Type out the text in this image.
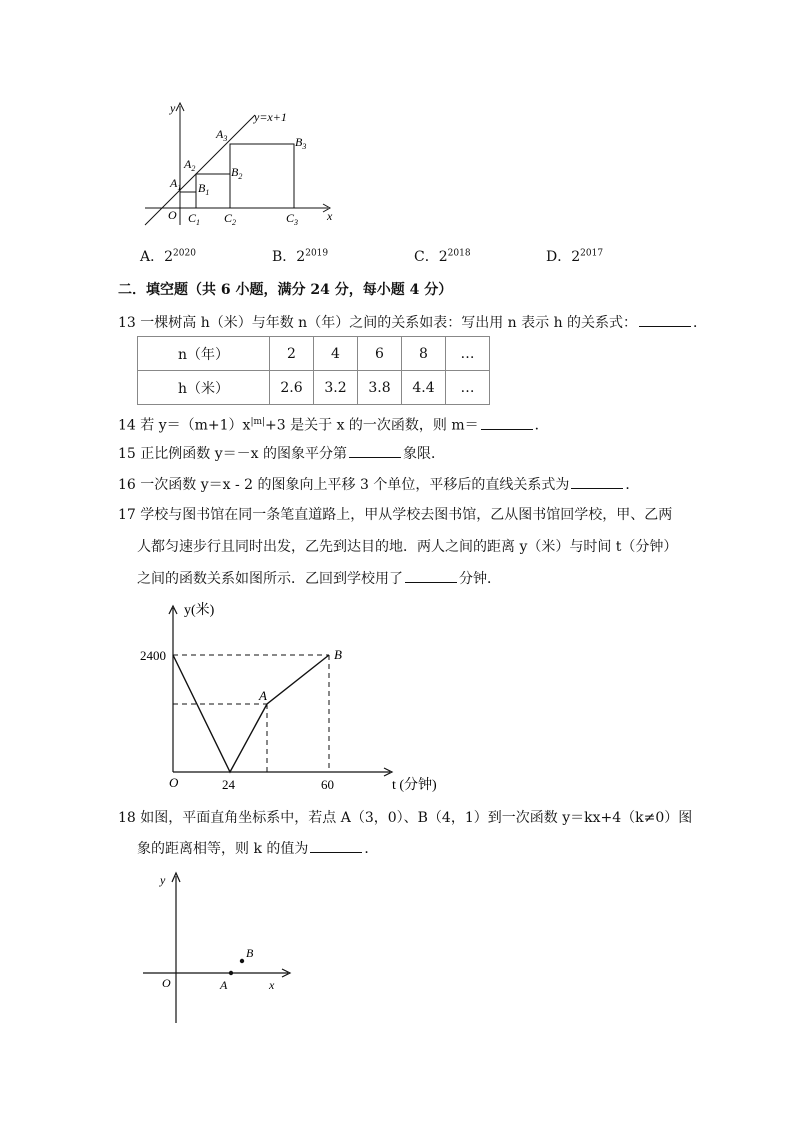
y=x+1
y
x
O
$A_1$
$A_2$
$A_3$
$B_1$
$B_2$
$B_3$
$C_1$ $C_2$	$C_3$
A．$2^{2020}$	B．$2^{2019}$	C．$2^{2018}$	D．$2^{2017}$
二．填空题（共 6 小题，满分 24 分，每小题 4 分）
13 一棵树高 h（米）与年数 n（年）之间的关系如表：写出用 n 表示 h 的关系式：	．
n（年）	2	4	6	8	…
h（米）	2.6	3.2	3.8	4.4	…
14 若 $y=(m+1)x^{|m|}+3$ 是关于 x 的一次函数，则 m＝	．
15 正比例函数 y＝－x 的图象平分第	象限．
16 一次函数 y＝x - 2 的图象向上平移 3 个单位，平移后的直线关系式为	．
17 学校与图书馆在同一条笔直道路上，甲从学校去图书馆，乙从图书馆回学校，甲、乙两
人都匀速步行且同时出发，乙先到达目的地．两人之间的距离 y（米）与时间 t（分钟）
之间的函数关系如图所示．乙回到学校用了	分钟．
y(米)
t (分钟)
2400
24	60
O
A
B
18 如图，平面直角坐标系中，若点 A（3，0）、B（4，1）到一次函数 y＝kx+4（k≠0）图
象的距离相等，则 k 的值为	．
y
x
O	A
B
